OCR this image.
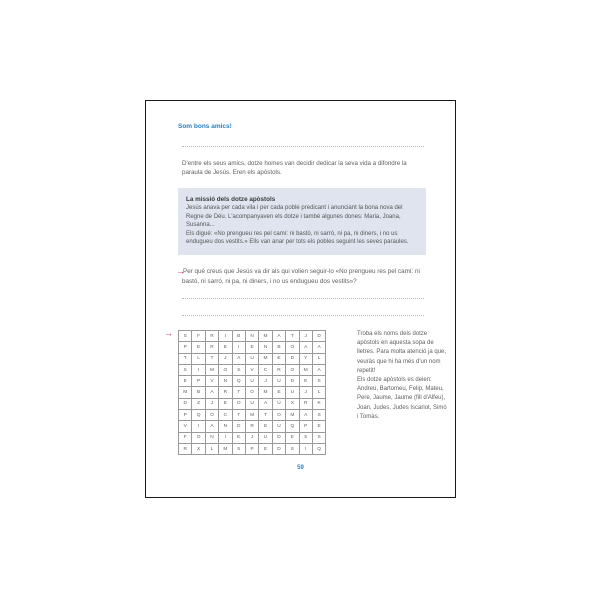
Som bons amics!
D'entre els seus amics, dotze homes van decidir dedicar la seva vida a difondre la paraula de Jesús. Eren els apòstols.
La missió dels dotze apòstols
Jesús anava per cada vila i per cada poble predicant i anunciant la bona nova del Regne de Déu. L'acompanyaven els dotze i també algunes dones: Maria, Joana, Susanna...
Els digué: «No prengueu res pel camí: ni bastó, ni sarró, ni pa, ni diners, i no us endugueu dos vestits.» Ells van anar per tots els pobles seguint les seves paraules.
→
Per què creus que Jesús va dir als qui volien seguir-lo «No prengueu res pel camí: ni bastó, ni sarró, ni pa, ni diners, i no us endugueu dos vestits»?
→ S	F	R	I	B	N	M	A	T	J	D
P	E	R	E	I	E	N	B	O	A	A
T	L	T	J	A	U	M	E	D	Y	L
S	I	M	O	S	V	C	R	O	M	A
E	P	V	N	Q	U	J	U	D	E	S
M	B	A	R	T	O	M	E	U	J	L
D	Z	J	E	O	U	A	Ú	X	R	K
P	Q	O	C	T	M	T	O	M	A	S
V	I	A	N	D	R	E	U	Q	P	E
F	O	N	I	E	J	U	D	E	S	S
R	X	L	M	S	P	E	D	S	I	Q
Troba els noms dels dotze apòstols en aquesta sopa de lletres. Para molta atenció ja que, veuràs que hi ha més d'un nom repetit!
Els dotze apòstols es deien: Andreu, Bartomeu, Felip, Mateu, Pere, Jaume, Jaume (fill d'Alfeu), Joan, Judes, Judes Iscariot, Simó i Tomàs.
59
